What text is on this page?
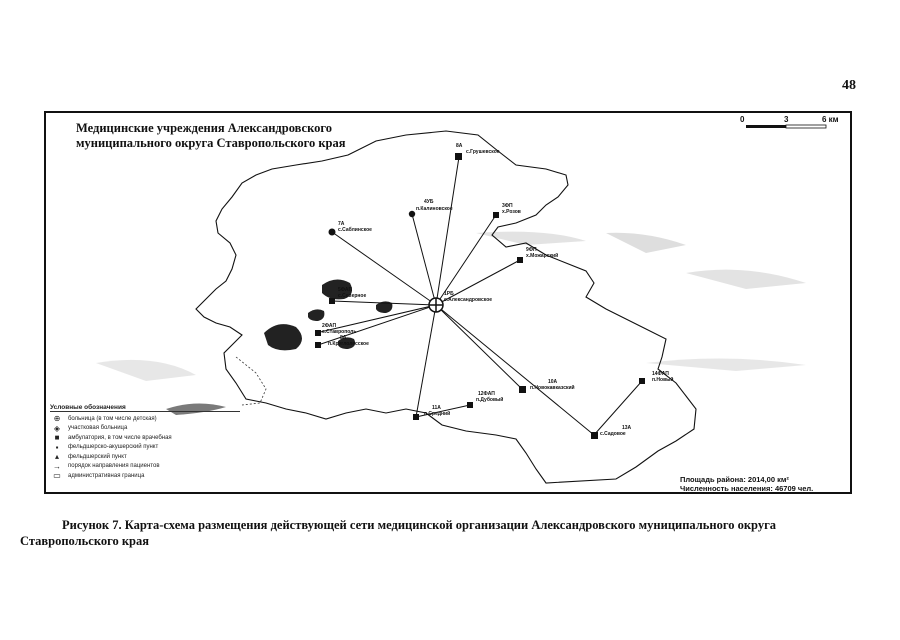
48
8А
с.Грушевское
4УБ
п.Калиновское	3ФП
х.Розов
7А
с.Саблинское
9ФП
х.Можарский
5ФАП
с.Северное
2ФАП
с.Ставрополь
8А
п.Круглолесское
10А
п.Новокавказский
12ФАП
п.Дубовый
11А
п.Средний
13А
с.Садовое
14ФАП
п.Новый
1РБ
с.Александровское
Медицинские учреждения Александровского
муниципального округа Ставропольского края
0	3	6 км
Условные обозначения
⊕	больница (в том числе детская)
◈	участковая больница
■	амбулатория, в том числе врачебная
▪	фельдшерско-акушерский пункт
▴	фельдшерский пункт
→	порядок направления пациентов
▭	административная граница	Площадь района: 2014,00 км²
Численность населения: 46709 чел.
Рисунок 7. Карта-схема размещения действующей сети медицинской организации Александровского муниципального округа
Ставропольского края
